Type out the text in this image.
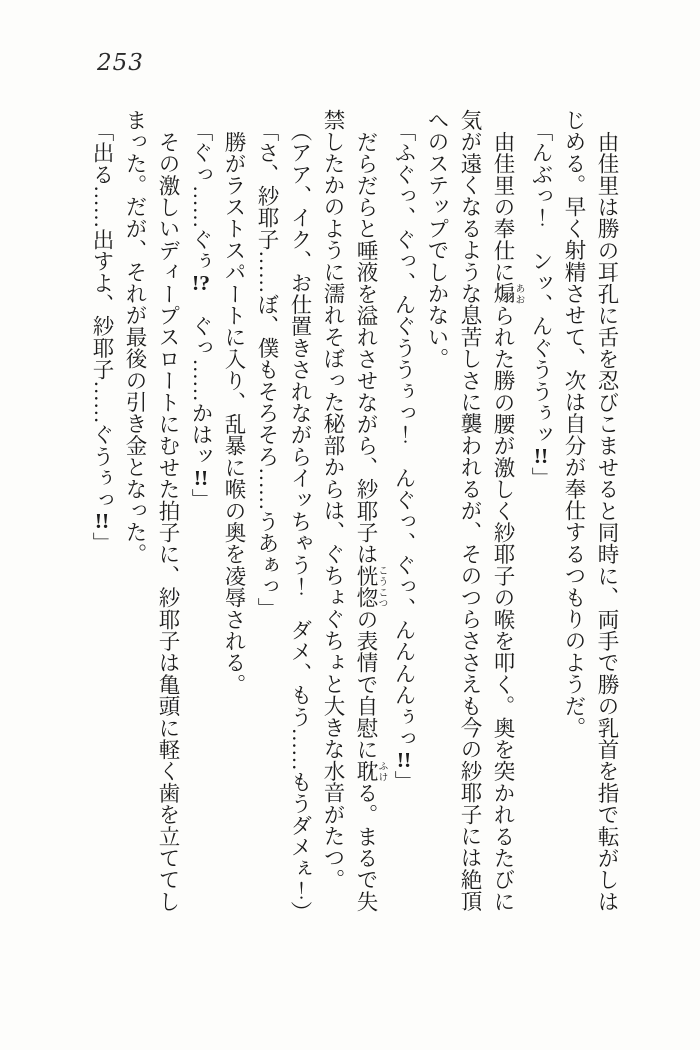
253

由佳里は勝の耳孔に舌を忍びこませると同時に、両手で勝の乳首を指で転がしはじめる。早く射精させて、次は自分が奉仕するつもりのようだ。

「んぶっ！　ンッ、んぐううぅッ!!」

由佳里の奉仕に煽あおられた勝の腰が激しく紗耶子の喉を叩く。奥を突かれるたびに気が遠くなるような息苦しさに襲われるが、そのつらささえも今の紗耶子には絶頂へのステップでしかない。

「ふぐっ、ぐっ、んぐううぅっ！　んぐっ、ぐっ、んんんんぅっ!!」

だらだらと唾液を溢れさせながら、紗耶子は恍惚こうこつの表情で自慰に耽ふける。まるで失禁したかのように濡れそぼった秘部からは、ぐちょぐちょと大きな水音がたつ。

（アア、イク、お仕置きされながらイッちゃう！　ダメ、もう……もうダメぇ！）

「さ、紗耶子……ぼ、僕もそろそろ……うあぁっ」

勝がラストスパートに入り、乱暴に喉の奥を凌辱される。

「ぐっ……ぐぅ!?　ぐっ……かはッ!!」

その激しいディープスロートにむせた拍子に、紗耶子は亀頭に軽く歯を立ててしまった。だが、それが最後の引き金となった。

「出る……出すよ、紗耶子……ぐうぅっ!!」
